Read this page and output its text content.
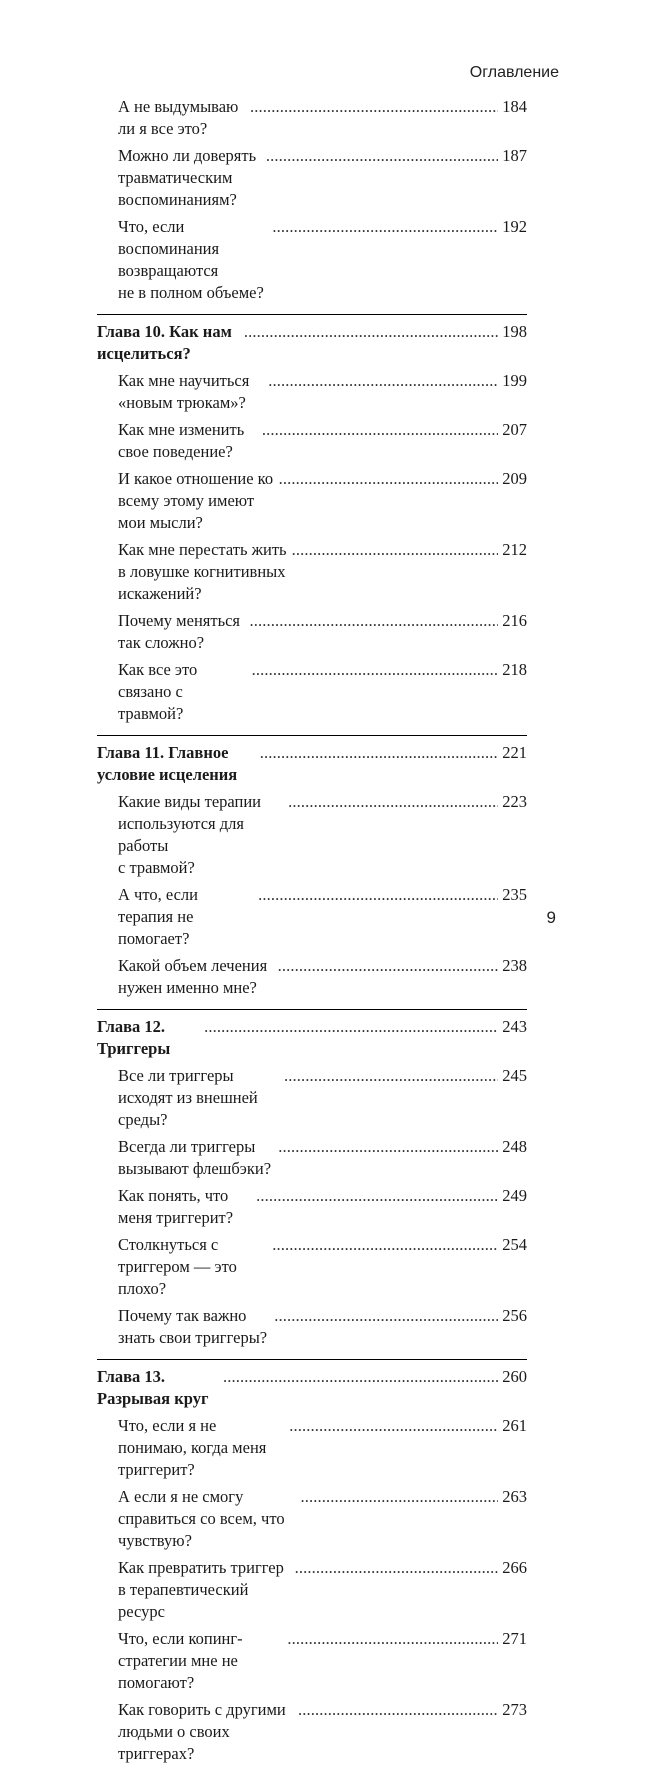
Оглавление
А не выдумываю ли я все это?
. . .
184
Можно ли доверять травматическим
воспоминаниям?
. . .
187
Что, если воспоминания возвращаются
не в полном объеме?
. . .
192
Глава 10. Как нам исцелиться?
. . .
198
Как мне научиться «новым трюкам»?
. . .
199
Как мне изменить свое поведение?
. . .
207
И какое отношение ко всему этому имеют
мои мысли?
. . .
209
Как мне перестать жить в ловушке когнитивных
искажений?
. . .
212
Почему меняться так сложно?
. . .
216
Как все это связано с травмой?
. . .
218
Глава 11. Главное условие исцеления
. . .
221
Какие виды терапии используются для работы
с травмой?
. . .
223
А что, если терапия не помогает?
. . .
235
Какой объем лечения нужен именно мне?
. . .
238
Глава 12. Триггеры
. . .
243
Все ли триггеры исходят из внешней среды?
. . .
245
Всегда ли триггеры вызывают флешбэки?
. . .
248
Как понять, что меня триггерит?
. . .
249
Столкнуться с триггером — это плохо?
. . .
254
Почему так важно знать свои триггеры?
. . .
256
Глава 13. Разрывая круг
. . .
260
Что, если я не понимаю, когда меня триггерит?
. . .
261
А если я не смогу справиться со всем, что чувствую?
. . .
263
Как превратить триггер в терапевтический ресурс
. . .
266
Что, если копинг-стратегии мне не помогают?
. . .
271
Как говорить с другими людьми о своих триггерах?
. . .
273
9
